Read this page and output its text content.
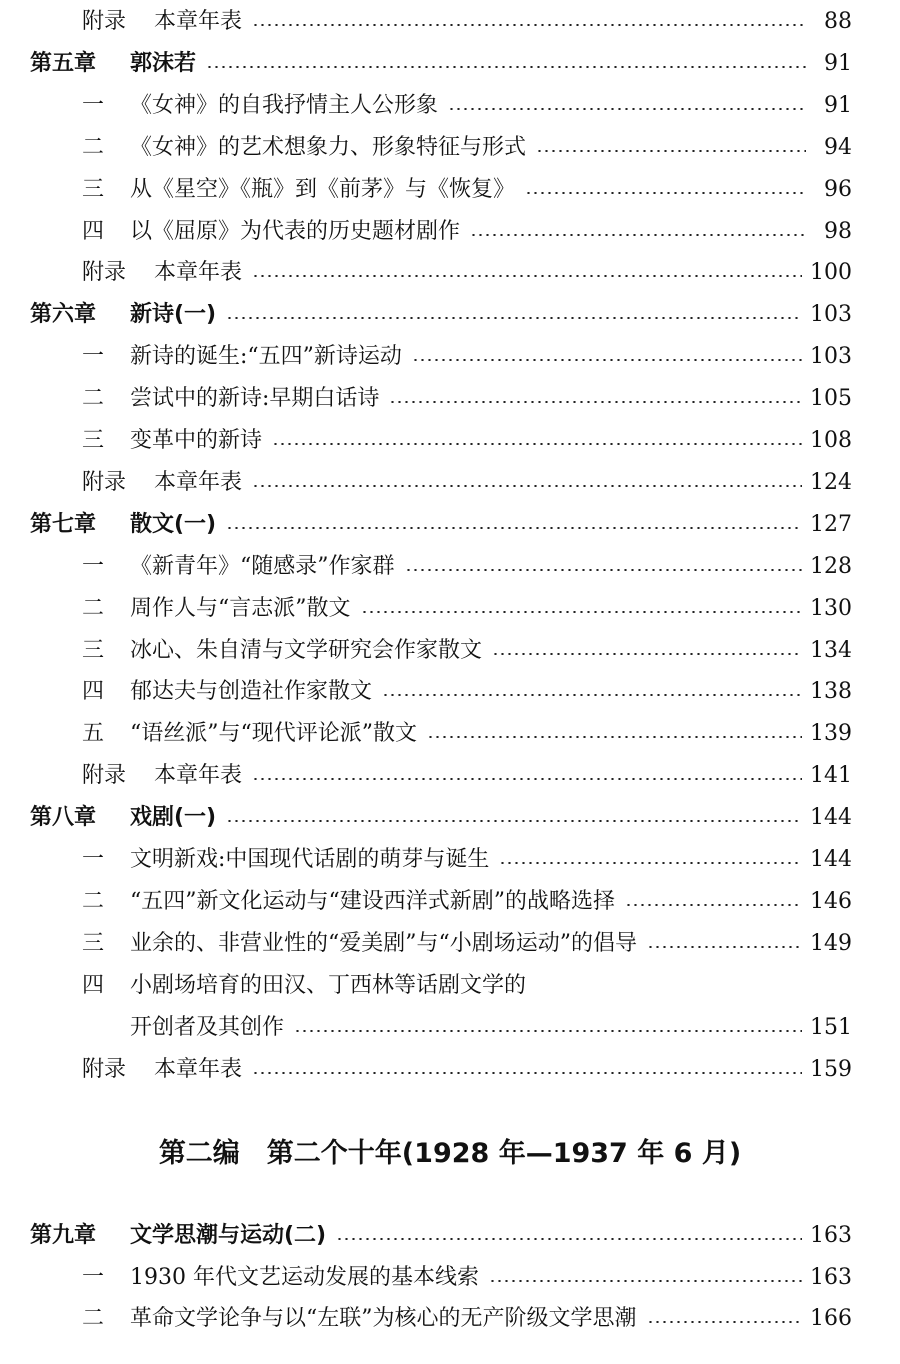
附录 本章年表	88
第五章	郭沫若	91
一	《女神》的自我抒情主人公形象	91
二	《女神》的艺术想象力、形象特征与形式	94
三	从《星空》《瓶》到《前茅》与《恢复》	96
四	以《屈原》为代表的历史题材剧作	98
附录 本章年表	100
第六章	新诗(一)	103
一	新诗的诞生:“五四”新诗运动	103
二	尝试中的新诗:早期白话诗	105
三	变革中的新诗	108
附录 本章年表	124
第七章	散文(一)	127
一	《新青年》“随感录”作家群	128
二	周作人与“言志派”散文	130
三	冰心、朱自清与文学研究会作家散文	134
四	郁达夫与创造社作家散文	138
五	“语丝派”与“现代评论派”散文	139
附录 本章年表	141
第八章	戏剧(一)	144
一	文明新戏:中国现代话剧的萌芽与诞生	144
二	“五四”新文化运动与“建设西洋式新剧”的战略选择	146
三	业余的、非营业性的“爱美剧”与“小剧场运动”的倡导	149
四	小剧场培育的田汉、丁西林等话剧文学的
开创者及其创作	151
附录 本章年表	159
第二编　第二个十年(1928 年—1937 年 6 月)
第九章	文学思潮与运动(二)	163
一	1930 年代文艺运动发展的基本线索	163
二	革命文学论争与以“左联”为核心的无产阶级文学思潮	166
